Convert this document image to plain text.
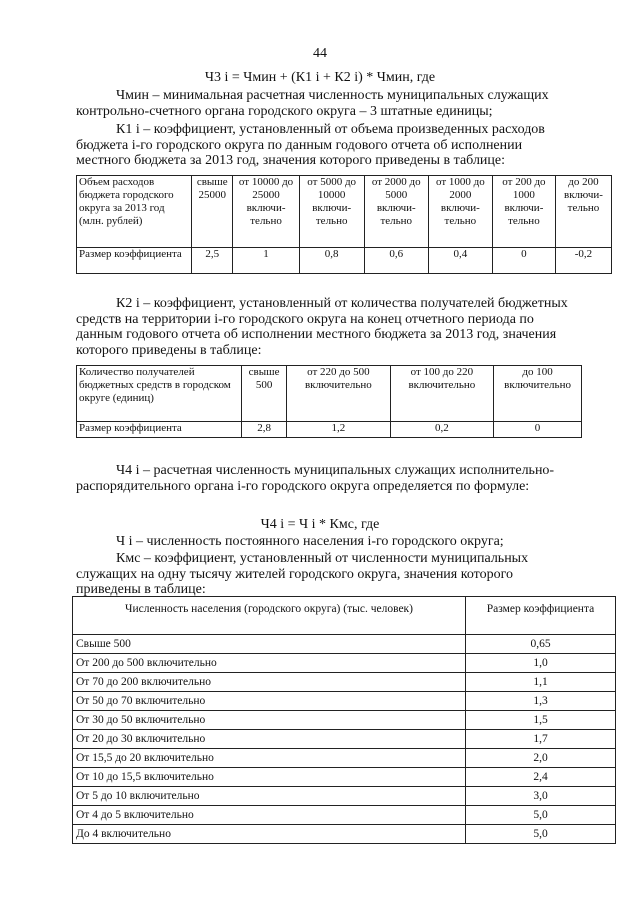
44
Ч3 i = Чмин + (К1 i + К2 i) * Чмин, где

Чмин – минимальная расчетная численность муниципальных служащих
контрольно-счетного органа городского округа – 3 штатные единицы;

К1 i – коэффициент, установленный от объема произведенных расходов
бюджета i-го городского округа по данным годового отчета об исполнении
местного бюджета за 2013 год, значения которого приведены в таблице:

Объем расходов бюджета городского округа за 2013 год (млн. рублей)	свыше 25000	от 10000 до 25000 включи-тельно	от 5000 до 10000 включи-тельно	от 2000 до 5000 включи-тельно	от 1000 до 2000 включи-тельно	от 200 до 1000 включи-тельно	до 200 включи-тельно
Размер коэффициента	2,5	1	0,8	0,6	0,4	0	-0,2

К2 i – коэффициент, установленный от количества получателей бюджетных
средств на территории i-го городского округа на конец отчетного периода по
данным годового отчета об исполнении местного бюджета за 2013 год, значения
которого приведены в таблице:

Количество получателей бюджетных средств в городском округе (единиц)	свыше 500	от 220 до 500 включительно	от 100 до 220 включительно	до 100 включительно
Размер коэффициента	2,8	1,2	0,2	0

Ч4 i – расчетная численность муниципальных служащих исполнительно-
распорядительного органа i-го городского округа определяется по формуле:

Ч4 i = Ч i * Кмс, где

Ч i – численность постоянного населения i-го городского округа;

Кмс – коэффициент, установленный от численности муниципальных
служащих на одну тысячу жителей городского округа, значения которого
приведены в таблице:

Численность населения (городского округа) (тыс. человек)	Размер коэффициента
Свыше 500	0,65
От 200 до 500 включительно	1,0
От 70 до 200 включительно	1,1
От 50 до 70 включительно	1,3
От 30 до 50 включительно	1,5
От 20 до 30 включительно	1,7
От 15,5 до 20 включительно	2,0
От 10 до 15,5 включительно	2,4
От 5 до 10 включительно	3,0
От 4 до 5 включительно	5,0
До 4 включительно	5,0
